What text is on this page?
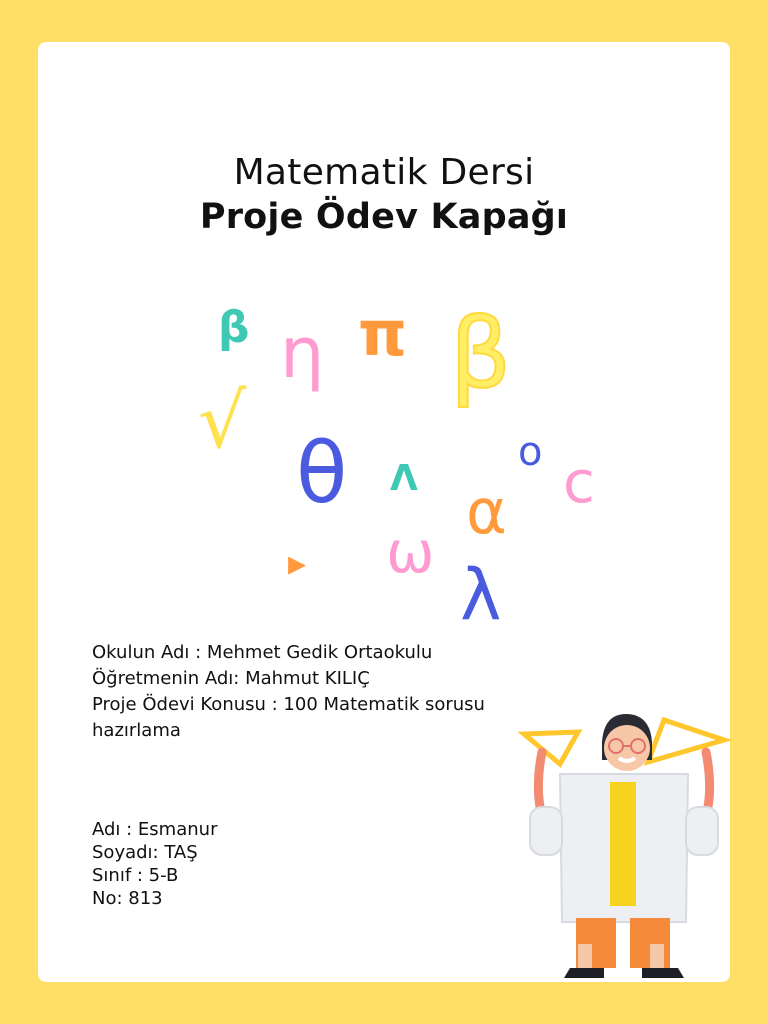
Matematik Dersi
Proje Ödev Kapağı
β η π β
√
θ Λ
o c
α
ω
λ
▸
Okulun Adı : Mehmet Gedik Ortaokulu
Öğretmenin Adı: Mahmut KILIÇ
Proje Ödevi Konusu : 100 Matematik sorusu hazırlama
Adı : Esmanur
Soyadı: TAŞ
Sınıf : 5-B
No: 813
